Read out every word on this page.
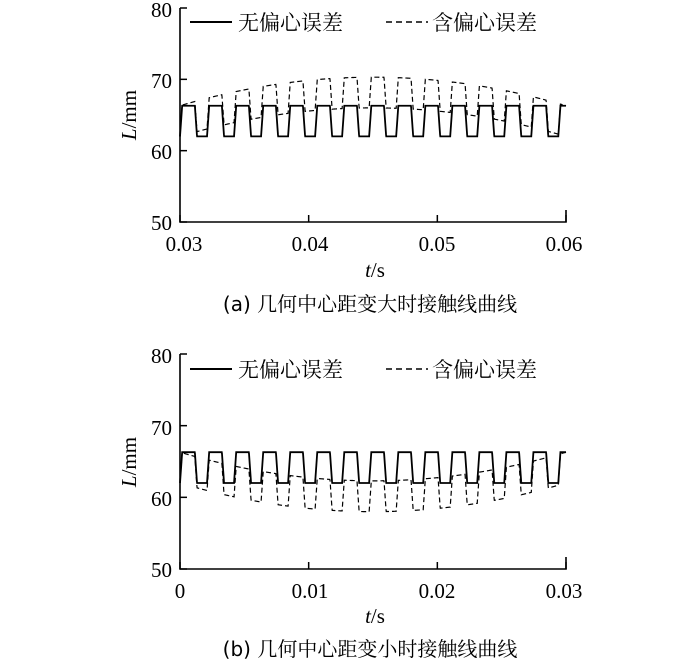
无偏心误差	含偏心误差
80
70
60
50
0.03	0.04	0.05	0.06
L/mm
t/s
(a) 几何中心距变大时接触线曲线
无偏心误差	含偏心误差
80
70
60
50
0	0.01	0.02	0.03
L/mm
t/s
(b) 几何中心距变小时接触线曲线
